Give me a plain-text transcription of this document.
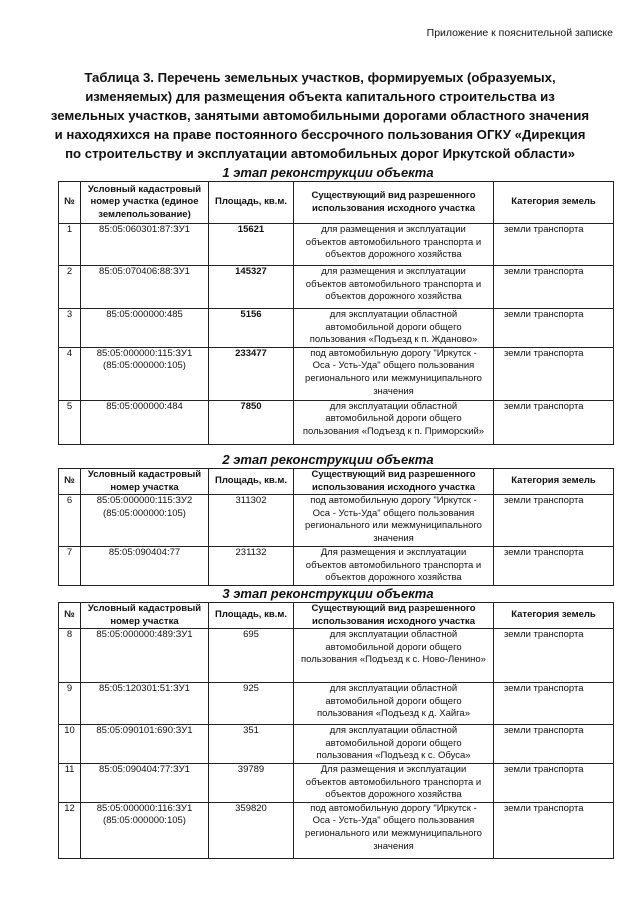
Приложение к пояснительной записке
Таблица 3. Перечень земельных участков, формируемых (образуемых, изменяемых) для размещения объекта капитального строительства из земельных участков, занятыми автомобильными дорогами областного значения и находяхихся на праве постоянного бессрочного пользования ОГКУ «Дирекция по строительству и эксплуатации автомобильных дорог Иркутской области»
1 этап реконструкции объекта
№	Условный кадастровый номер участка (единое землепользование)	Площадь, кв.м.	Существующий вид разрешенного использования исходного участка	Категория земель

1	85:05:060301:87:ЗУ1	15621	для размещения и эксплуатации
объектов автомобильного транспорта и
объектов дорожного хозяйства	земли транспорта

2	85:05:070406:88:ЗУ1	145327	для размещения и эксплуатации
объектов автомобильного транспорта и
объектов дорожного хозяйства	земли транспорта

3	85:05:000000:485	5156	для эксплуатации областной
автомобильной дороги общего
пользования «Подъезд к п. Жданово»	земли транспорта

4	85:05:000000:115:ЗУ1
(85:05:000000:105)	233477	под автомобильную дорогу "Иркутск -
Оса - Усть-Уда" общего пользования
регионального или межмуниципального
значения	земли транспорта

5	85:05:000000:484	7850	для эксплуатации областной
автомобильной дороги общего
пользования «Подъезд к п. Приморский»	земли транспорта
2 этап реконструкции объекта
№	Условный кадастровый номер участка	Площадь, кв.м.	Существующий вид разрешенного использования исходного участка	Категория земель

6	85:05:000000:115:ЗУ2
(85:05:000000:105)	311302	под автомобильную дорогу "Иркутск -
Оса - Усть-Уда" общего пользования
регионального или межмуниципального
значения	земли транспорта

7	85:05:090404:77	231132	Для размещения и эксплуатации
объектов автомобильного транспорта и
объектов дорожного хозяйства	земли транспорта
3 этап реконструкции объекта
№	Условный кадастровый номер участка	Площадь, кв.м.	Существующий вид разрешенного использования исходного участка	Категория земель

8	85:05:000000:489:ЗУ1	695	для эксплуатации областной
автомобильной дороги общего
пользования «Подъезд к с. Ново-Ленино»	земли транспорта

9	85:05:120301:51:ЗУ1	925	для эксплуатации областной
автомобильной дороги общего
пользования «Подъезд к д. Хайга»	земли транспорта

10	85:05:090101:690:ЗУ1	351	для эксплуатации областной
автомобильной дороги общего
пользования «Подъезд к с. Обуса»	земли транспорта

11	85:05:090404:77:ЗУ1	39789	Для размещения и эксплуатации
объектов автомобильного транспорта и
объектов дорожного хозяйства	земли транспорта

12	85:05:000000:116:ЗУ1
(85:05:000000:105)	359820	под автомобильную дорогу "Иркутск -
Оса - Усть-Уда" общего пользования
регионального или межмуниципального
значения	земли транспорта
